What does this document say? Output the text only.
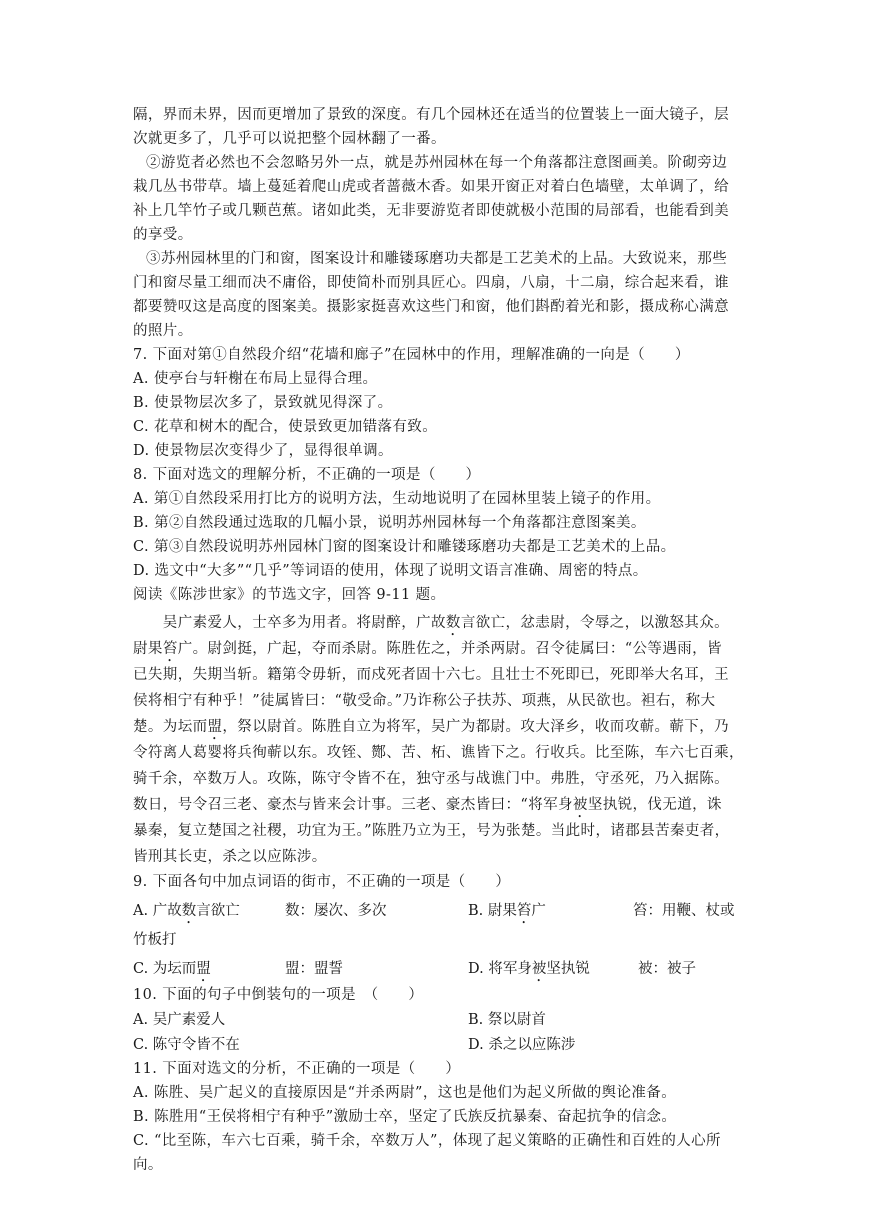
隔，界而未界，因而更增加了景致的深度。有几个园林还在适当的位置装上一面大镜子，层
次就更多了，几乎可以说把整个园林翻了一番。
②游览者必然也不会忽略另外一点，就是苏州园林在每一个角落都注意图画美。阶砌旁边
栽几丛书带草。墙上蔓延着爬山虎或者蔷薇木香。如果开窗正对着白色墙壁，太单调了，给
补上几竿竹子或几颗芭蕉。诸如此类，无非要游览者即使就极小范围的局部看，也能看到美
的享受。
③苏州园林里的门和窗，图案设计和雕镂琢磨功夫都是工艺美术的上品。大致说来，那些
门和窗尽量工细而决不庸俗，即使简朴而别具匠心。四扇，八扇，十二扇，综合起来看，谁
都要赞叹这是高度的图案美。摄影家挺喜欢这些门和窗，他们斟酌着光和影，摄成称心满意
的照片。
7. 下面对第①自然段介绍“花墙和廊子”在园林中的作用，理解准确的一向是（　　）
A. 使亭台与轩榭在布局上显得合理。
B. 使景物层次多了，景致就见得深了。
C. 花草和树木的配合，使景致更加错落有致。
D. 使景物层次变得少了，显得很单调。
8. 下面对选文的理解分析，不正确的一项是（　　）
A. 第①自然段采用打比方的说明方法，生动地说明了在园林里装上镜子的作用。
B. 第②自然段通过选取的几幅小景，说明苏州园林每一个角落都注意图案美。
C. 第③自然段说明苏州园林门窗的图案设计和雕镂琢磨功夫都是工艺美术的上品。
D. 选文中“大多”“几乎”等词语的使用，体现了说明文语言准确、周密的特点。
阅读《陈涉世家》的节选文字，回答 9-11 题。
　　吴广素爱人，士卒多为用者。将尉醉，广故数言欲亡，忿恚尉，令辱之，以激怒其众。
尉果笞广。尉剑挺，广起，夺而杀尉。陈胜佐之，并杀两尉。召令徒属曰：“公等遇雨，皆
已失期，失期当斩。籍第令毋斩，而戍死者固十六七。且壮士不死即已，死即举大名耳，王
侯将相宁有种乎！”徒属皆曰：“敬受命。”乃诈称公子扶苏、项燕，从民欲也。袒右，称大
楚。为坛而盟，祭以尉首。陈胜自立为将军，吴广为都尉。攻大泽乡，收而攻蕲。蕲下，乃
令符离人葛婴将兵徇蕲以东。攻铚、酂、苦、柘、谯皆下之。行收兵。比至陈，车六七百乘，
骑千余，卒数万人。攻陈，陈守令皆不在，独守丞与战谯门中。弗胜，守丞死，乃入据陈。
数日，号令召三老、豪杰与皆来会计事。三老、豪杰皆曰：“将军身被坚执锐，伐无道，诛
暴秦，复立楚国之社稷，功宜为王。”陈胜乃立为王，号为张楚。当此时，诸郡县苦秦吏者，
皆刑其长吏，杀之以应陈涉。
9. 下面各句中加点词语的街市，不正确的一项是（　　）
A. 广故数言欲亡	数：屡次、多次	B. 尉果笞广	笞：用鞭、杖或
竹板打
C. 为坛而盟	盟：盟誓	D. 将军身被坚执锐	被：被子
10. 下面的句子中倒装句的一项是　（　　）
A. 吴广素爱人	B. 祭以尉首
C. 陈守令皆不在	D. 杀之以应陈涉
11. 下面对选文的分析，不正确的一项是（　　）
A. 陈胜、吴广起义的直接原因是“并杀两尉”，这也是他们为起义所做的舆论准备。
B. 陈胜用“王侯将相宁有种乎”激励士卒，坚定了氏族反抗暴秦、奋起抗争的信念。
C. “比至陈，车六七百乘，骑千余，卒数万人”，体现了起义策略的正确性和百姓的人心所
向。
